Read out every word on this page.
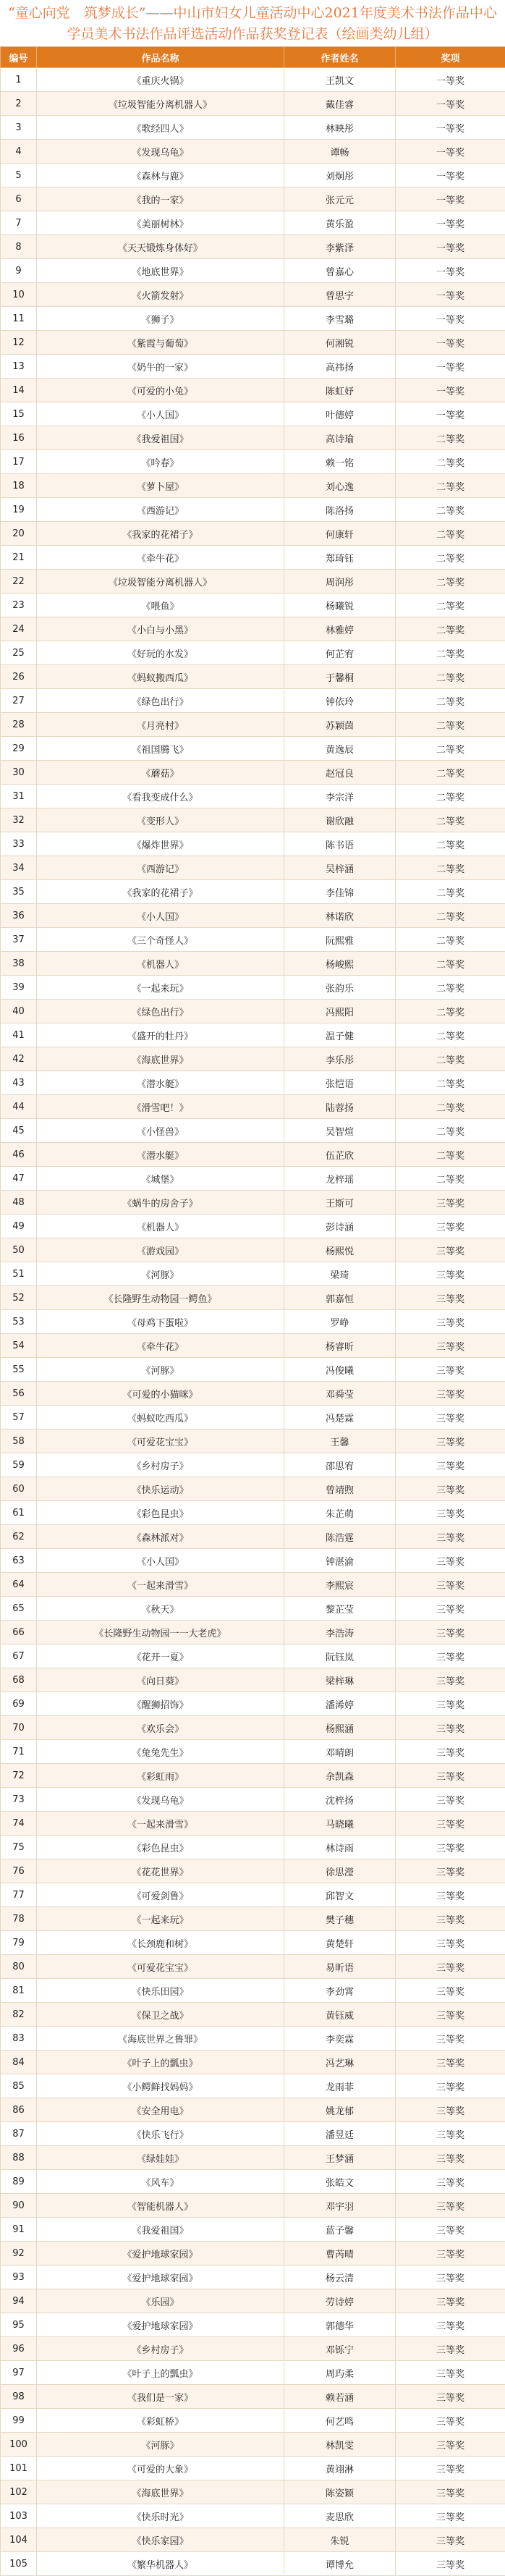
“童心向党　筑梦成长”——中山市妇女儿童活动中心2021年度美术书法作品中心学员美术书法作品评选活动作品获奖登记表（绘画类幼儿组）
编号	作品名称	作者姓名	奖项
1	《重庆火锅》	王凯文	一等奖
2	《垃圾智能分离机器人》	戴佳睿	一等奖
3	《歌经四人》	林映彤	一等奖
4	《发现乌龟》	谭畅	一等奖
5	《森林与鹿》	刘炯彤	一等奖
6	《我的一家》	张元元	一等奖
7	《美丽树林》	黄乐盈	一等奖
8	《天天锻炼身体好》	李紫泽	一等奖
9	《地底世界》	曾嘉心	一等奖
10	《火箭发射》	曾思宇	一等奖
11	《狮子》	李雪璐	一等奖
12	《紫霞与葡萄》	何湘锐	一等奖
13	《奶牛的一家》	高祎扬	一等奖
14	《可爱的小兔》	陈虹妤	一等奖
15	《小人国》	叶德婷	一等奖
16	《我爱祖国》	高诗瑜	二等奖
17	《吟春》	赖一铭	二等奖
18	《萝卜屋》	刘心逸	二等奖
19	《西游记》	陈洛扬	二等奖
20	《我家的花裙子》	何康轩	二等奖
21	《牵牛花》	郑琦钰	二等奖
22	《垃圾智能分离机器人》	周润彤	二等奖
23	《喂鱼》	杨曦锐	二等奖
24	《小白与小黑》	林雅婷	二等奖
25	《好玩的水发》	何芷宥	二等奖
26	《蚂蚁搬西瓜》	于馨桐	二等奖
27	《绿色出行》	钟依玲	二等奖
28	《月亮村》	苏颖茵	二等奖
29	《祖国腾飞》	黄逸辰	二等奖
30	《蘑菇》	赵冠良	二等奖
31	《看我变成什么》	李宗洋	二等奖
32	《变形人》	谢欣融	二等奖
33	《爆炸世界》	陈书语	二等奖
34	《西游记》	吴梓涵	二等奖
35	《我家的花裙子》	李佳锦	二等奖
36	《小人国》	林诺欣	二等奖
37	《三个奇怪人》	阮熙雅	二等奖
38	《机器人》	杨峻熙	二等奖
39	《一起来玩》	张韵乐	二等奖
40	《绿色出行》	冯熙阳	二等奖
41	《盛开的牡丹》	温子健	二等奖
42	《海底世界》	李乐彤	二等奖
43	《潜水艇》	张恺语	二等奖
44	《滑雪吧！》	陆蓉扬	二等奖
45	《小怪兽》	吴智煊	二等奖
46	《潜水艇》	伍芷欣	二等奖
47	《城堡》	龙梓瑶	二等奖
48	《蜗牛的房舍子》	王斯可	三等奖
49	《机器人》	彭诗涵	三等奖
50	《游戏园》	杨熙悦	三等奖
51	《河豚》	梁琦	三等奖
52	《长隆野生动物园一鳄鱼》	郭嘉恒	三等奖
53	《母鸡下蛋啦》	罗峥	三等奖
54	《牵牛花》	杨睿昕	三等奖
55	《河豚》	冯俊曦	三等奖
56	《可爱的小猫咪》	邓舜莹	三等奖
57	《蚂蚁吃西瓜》	冯楚霖	三等奖
58	《可爱花宝宝》	王馨	三等奖
59	《乡村房子》	邵思宥	三等奖
60	《快乐运动》	曾靖煦	三等奖
61	《彩色昆虫》	朱芷萌	三等奖
62	《森林派对》	陈浩霆	三等奖
63	《小人国》	钟湛渝	三等奖
64	《一起来滑雪》	李熙宸	三等奖
65	《秋天》	黎芷莹	三等奖
66	《长隆野生动物园一一大老虎》	李浩涛	三等奖
67	《花开一夏》	阮钰岚	三等奖
68	《向日葵》	梁梓琳	三等奖
69	《醒狮招饰》	潘浠婷	三等奖
70	《欢乐会》	杨熙涵	三等奖
71	《兔兔先生》	邓晴朗	三等奖
72	《彩虹雨》	余凯森	三等奖
73	《发现乌龟》	沈梓扬	三等奖
74	《一起来滑雪》	马晓曦	三等奖
75	《彩色昆虫》	林诗雨	三等奖
76	《花花世界》	徐思瀅	三等奖
77	《可爱剑鲁》	邱智文	三等奖
78	《一起来玩》	樊子穗	三等奖
79	《长颈鹿和树》	黄楚轩	三等奖
80	《可爱花宝宝》	易昕语	三等奖
81	《快乐田园》	李劲霄	三等奖
82	《保卫之战》	黄钰威	三等奖
83	《海底世界之鲁罪》	李奕霖	三等奖
84	《叶子上的瓢虫》	冯艺琳	三等奖
85	《小鳄鲜找妈妈》	龙雨菲	三等奖
86	《安全用电》	姚龙郁	三等奖
87	《快乐飞行》	潘昱廷	三等奖
88	《绿娃娃》	王梦涵	三等奖
89	《风车》	张皓文	三等奖
90	《智能机器人》	邓宇羽	三等奖
91	《我爱祖国》	蓝子馨	三等奖
92	《爱护地球家园》	曹芮晴	三等奖
93	《爱护地球家园》	杨云清	三等奖
94	《乐园》	劳诗婷	三等奖
95	《爱护地球家园》	郭德华	三等奖
96	《乡村房子》	邓铄宁	三等奖
97	《叶子上的瓢虫》	周玙柔	三等奖
98	《我们是一家》	赖若涵	三等奖
99	《彩虹桥》	何艺鸣	三等奖
100	《河豚》	林凯雯	三等奖
101	《可爱的大象》	黄翊淋	三等奖
102	《海底世界》	陈姿颖	三等奖
103	《快乐时光》	麦思欣	三等奖
104	《快乐家园》	朱锐	三等奖
105	《繁华机器人》	谭博允	三等奖
